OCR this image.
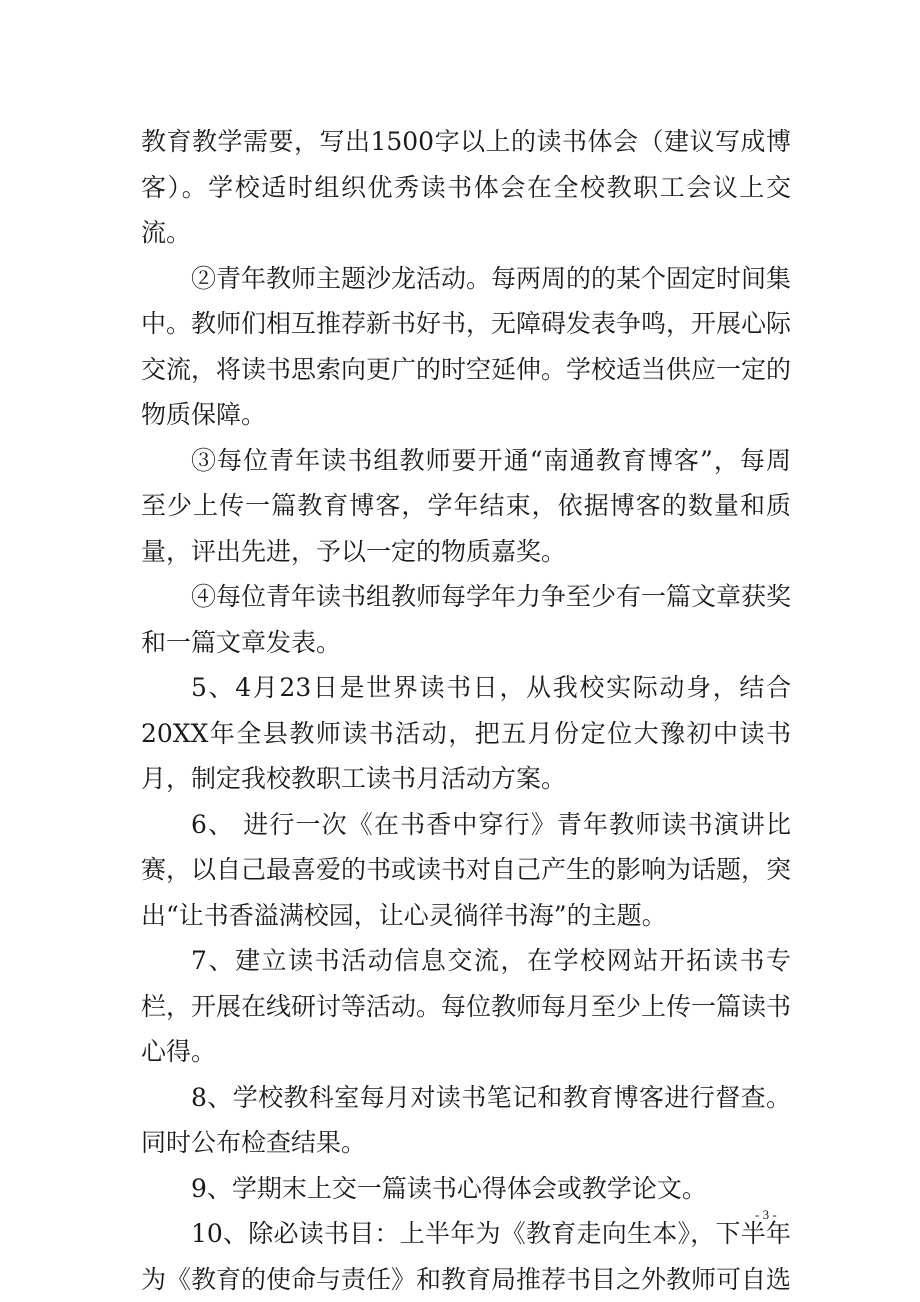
教育教学需要，写出1500字以上的读书体会（建议写成博客）。学校适时组织优秀读书体会在全校教职工会议上交流。

②青年教师主题沙龙活动。每两周的的某个固定时间集中。教师们相互推荐新书好书，无障碍发表争鸣，开展心际交流，将读书思索向更广的时空延伸。学校适当供应一定的物质保障。

③每位青年读书组教师要开通“南通教育博客”，每周至少上传一篇教育博客，学年结束，依据博客的数量和质量，评出先进，予以一定的物质嘉奖。

④每位青年读书组教师每学年力争至少有一篇文章获奖和一篇文章发表。

5、4月23日是世界读书日，从我校实际动身，结合20XX年全县教师读书活动，把五月份定位大豫初中读书月，制定我校教职工读书月活动方案。

6、 进行一次《在书香中穿行》青年教师读书演讲比赛，以自己最喜爱的书或读书对自己产生的影响为话题，突出“让书香溢满校园，让心灵徜徉书海”的主题。

7、建立读书活动信息交流，在学校网站开拓读书专栏，开展在线研讨等活动。每位教师每月至少上传一篇读书心得。

8、学校教科室每月对读书笔记和教育博客进行督查。同时公布检查结果。

9、学期末上交一篇读书心得体会或教学论文。

10、除必读书目：上半年为《教育走向生本》，下半年为《教育的使命与责任》和教育局推荐书目之外教师可自选

- 3 -
